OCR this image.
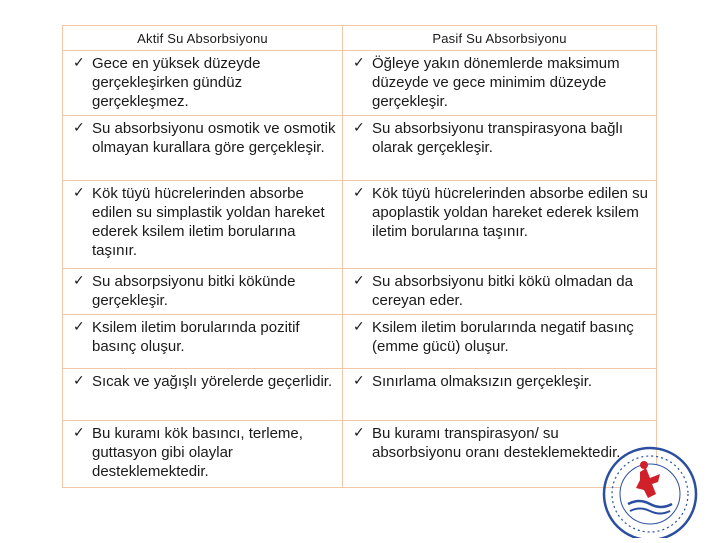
Aktif Su Absorbsiyonu	Pasif Su Absorbsiyonu

✓ Gece en yüksek düzeyde gerçekleşirken gündüz gerçekleşmez.	✓ Öğleye yakın dönemlerde maksimum düzeyde ve gece minimim düzeyde gerçekleşir.

✓ Su absorbsiyonu osmotik ve osmotik olmayan kurallara göre gerçekleşir.	✓ Su absorbsiyonu transpirasyona bağlı olarak gerçekleşir.

✓ Kök tüyü hücrelerinden absorbe edilen su simplastik yoldan hareket ederek ksilem iletim borularına taşınır.	✓ Kök tüyü hücrelerinden absorbe edilen su apoplastik yoldan hareket ederek ksilem iletim borularına taşınır.

✓ Su absorpsiyonu bitki kökünde gerçekleşir.	✓ Su absorbsiyonu bitki kökü olmadan da cereyan eder.

✓ Ksilem iletim borularında pozitif basınç oluşur.	✓ Ksilem iletim borularında negatif basınç (emme gücü) oluşur.

✓ Sıcak ve yağışlı yörelerde geçerlidir.	✓ Sınırlama olmaksızın gerçekleşir.

✓ Bu kuramı kök basıncı, terleme, guttasyon gibi olaylar desteklemektedir.	✓ Bu kuramı transpirasyon/ su absorbsiyonu oranı desteklemektedir.
